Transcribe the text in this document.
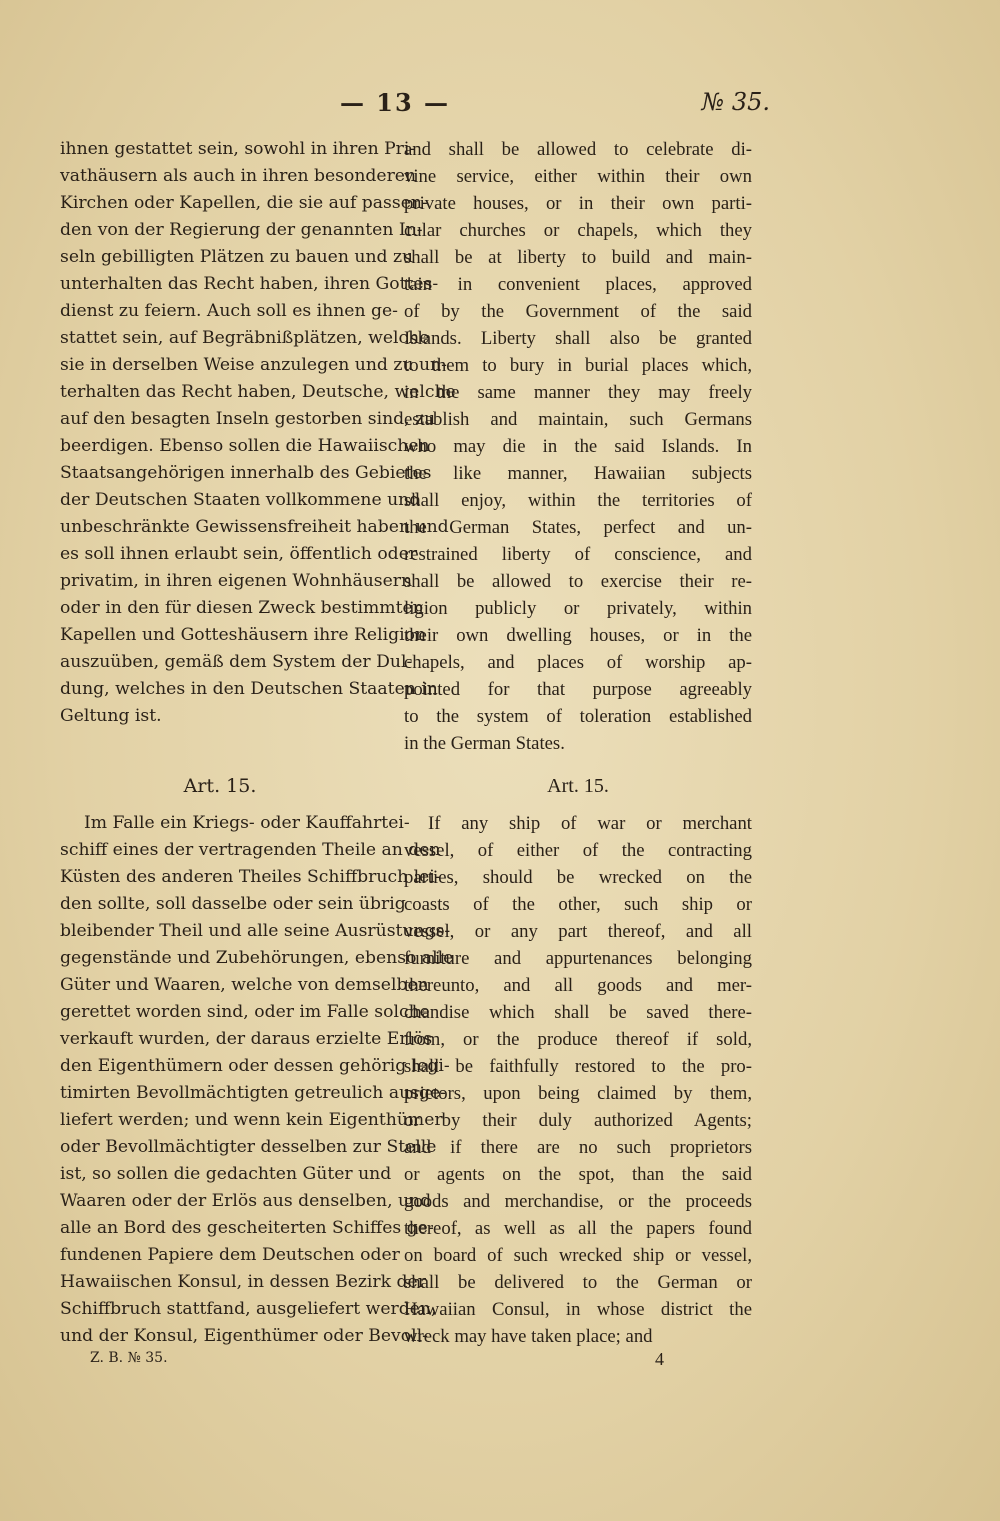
— 13 —	№ 35.
ihnen gestattet sein, sowohl in ihren Pri-
vathäusern als auch in ihren besonderen
Kirchen oder Kapellen, die sie auf passen-
den von der Regierung der genannten In-
seln gebilligten Plätzen zu bauen und zu
unterhalten das Recht haben, ihren Gottes-
dienst zu feiern. Auch soll es ihnen ge-
stattet sein, auf Begräbnißplätzen, welche
sie in derselben Weise anzulegen und zu un-
terhalten das Recht haben, Deutsche, welche
auf den besagten Inseln gestorben sind, zu
beerdigen. Ebenso sollen die Hawaiischen
Staatsangehörigen innerhalb des Gebietes
der Deutschen Staaten vollkommene und
unbeschränkte Gewissensfreiheit haben und
es soll ihnen erlaubt sein, öffentlich oder
privatim, in ihren eigenen Wohnhäusern
oder in den für diesen Zweck bestimmten
Kapellen und Gotteshäusern ihre Religion
auszuüben, gemäß dem System der Dul-
dung, welches in den Deutschen Staaten in
Geltung ist.
and shall be allowed to celebrate di-
vine service, either within their own
private houses, or in their own parti-
cular churches or chapels, which they
shall be at liberty to build and main-
tain in convenient places, approved
of by the Government of the said
Islands. Liberty shall also be granted
to them to bury in burial places which,
in the same manner they may freely
establish and maintain, such Germans
who may die in the said Islands. In
the like manner, Hawaiian subjects
shall enjoy, within the territories of
the German States, perfect and un-
restrained liberty of conscience, and
shall be allowed to exercise their re-
ligion publicly or privately, within
their own dwelling houses, or in the
chapels, and places of worship ap-
pointed for that purpose agreeably
to the system of toleration established
in the German States.
Art. 15.	Art. 15.
Im Falle ein Kriegs- oder Kauffahrtei-
schiff eines der vertragenden Theile an den
Küsten des anderen Theiles Schiffbruch lei-
den sollte, soll dasselbe oder sein übrig
bleibender Theil und alle seine Ausrüstungs-
gegenstände und Zubehörungen, ebenso alle
Güter und Waaren, welche von demselben
gerettet worden sind, oder im Falle solche
verkauft wurden, der daraus erzielte Erlös
den Eigenthümern oder dessen gehörig legi-
timirten Bevollmächtigten getreulich ausge-
liefert werden; und wenn kein Eigenthümer
oder Bevollmächtigter desselben zur Stelle
ist, so sollen die gedachten Güter und
Waaren oder der Erlös aus denselben, und
alle an Bord des gescheiterten Schiffes ge-
fundenen Papiere dem Deutschen oder
Hawaiischen Konsul, in dessen Bezirk der
Schiffbruch stattfand, ausgeliefert werden,
und der Konsul, Eigenthümer oder Bevoll-
If any ship of war or merchant
vessel, of either of the contracting
parties, should be wrecked on the
coasts of the other, such ship or
vessel, or any part thereof, and all
furniture and appurtenances belonging
thereunto, and all goods and mer-
chandise which shall be saved there-
from, or the produce thereof if sold,
shall be faithfully restored to the pro-
prietors, upon being claimed by them,
or by their duly authorized Agents;
and if there are no such proprietors
or agents on the spot, than the said
goods and merchandise, or the proceeds
thereof, as well as all the papers found
on board of such wrecked ship or vessel,
shall be delivered to the German or
Hawaiian Consul, in whose district the
wreck may have taken place; and
Z. B. № 35.	4
